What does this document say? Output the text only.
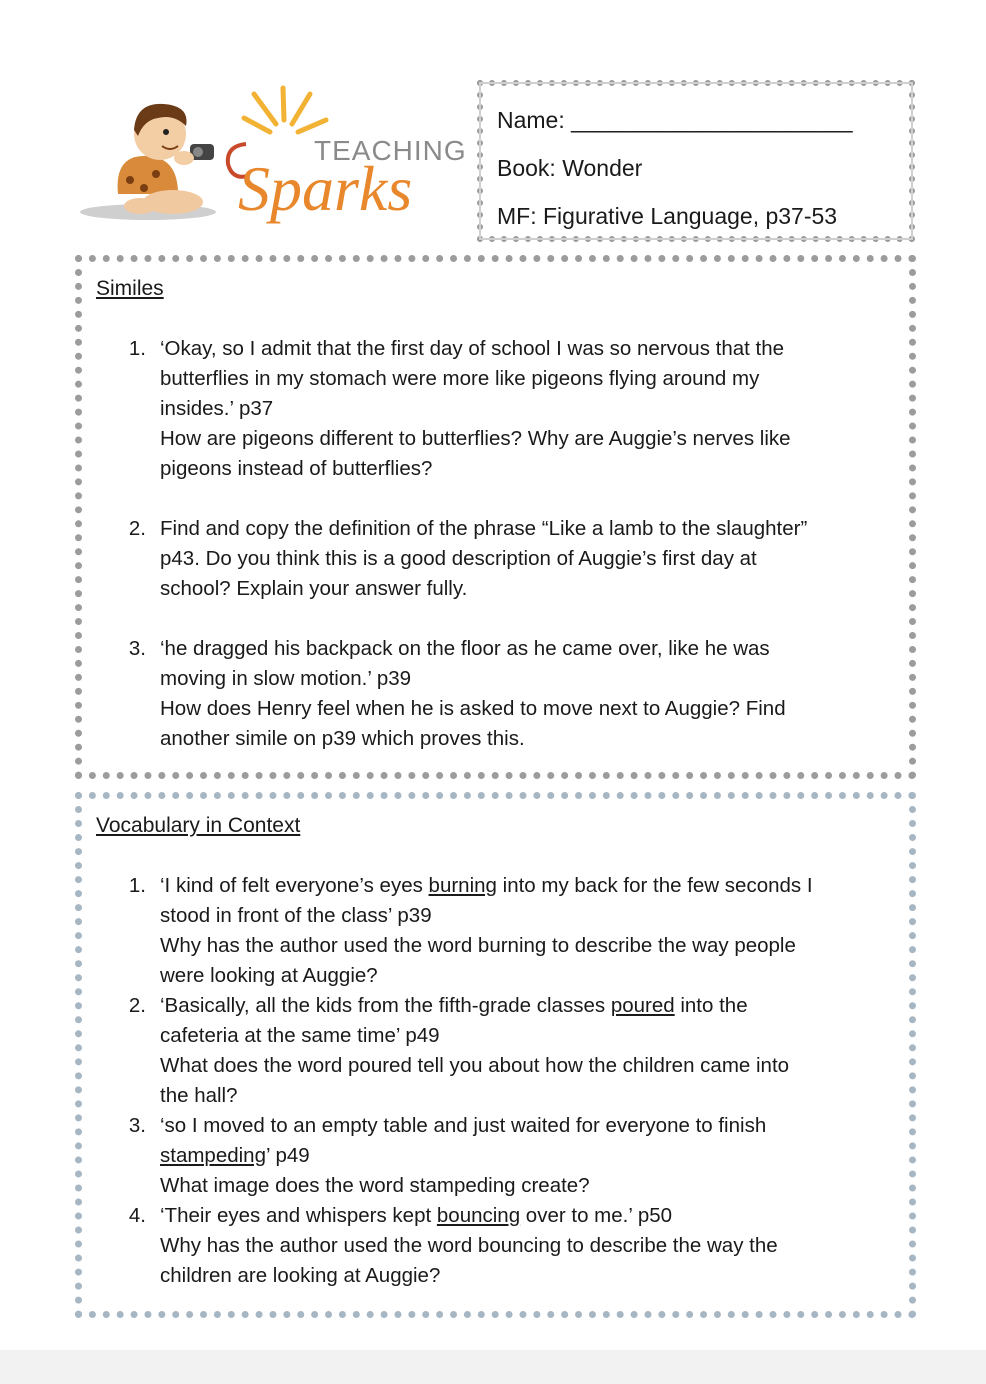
TEACHING
Sparks
Name: ______________________
Book: Wonder
MF: Figurative Language, p37-53
Similes
1. ‘Okay, so I admit that the first day of school I was so nervous that the
butterflies in my stomach were more like pigeons flying around my
insides.’ p37
How are pigeons different to butterflies? Why are Auggie’s nerves like
pigeons instead of butterflies?
2. Find and copy the definition of the phrase “Like a lamb to the slaughter”
p43. Do you think this is a good description of Auggie’s first day at
school? Explain your answer fully.
3. ‘he dragged his backpack on the floor as he came over, like he was
moving in slow motion.’ p39
How does Henry feel when he is asked to move next to Auggie? Find
another simile on p39 which proves this.
Vocabulary in Context
1. ‘I kind of felt everyone’s eyes burning into my back for the few seconds I
stood in front of the class’ p39
Why has the author used the word burning to describe the way people
were looking at Auggie?
2. ‘Basically, all the kids from the fifth-grade classes poured into the
cafeteria at the same time’ p49
What does the word poured tell you about how the children came into
the hall?
3. ‘so I moved to an empty table and just waited for everyone to finish
stampeding’ p49
What image does the word stampeding create?
4. ‘Their eyes and whispers kept bouncing over to me.’ p50
Why has the author used the word bouncing to describe the way the
children are looking at Auggie?
